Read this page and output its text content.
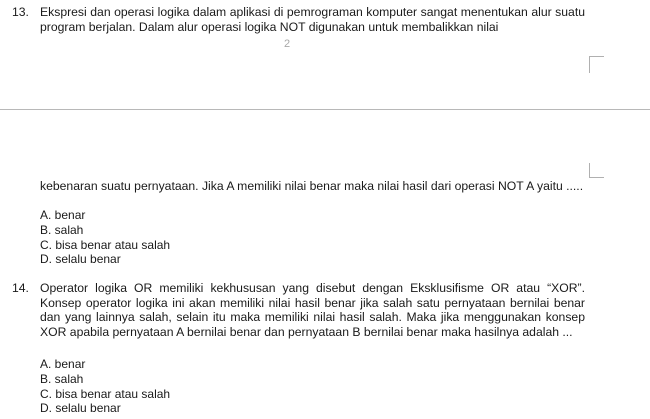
13. Ekspresi dan operasi logika dalam aplikasi di pemrograman komputer sangat menentukan alur suatu program berjalan. Dalam alur operasi logika NOT digunakan untuk membalikkan nilai
2
kebenaran suatu pernyataan. Jika A memiliki nilai benar maka nilai hasil dari operasi NOT A yaitu .....
A. benar
B. salah
C. bisa benar atau salah
D. selalu benar
14. Operator logika OR memiliki kekhususan yang disebut dengan Eksklusifisme OR atau “XOR”. Konsep operator logika ini akan memiliki nilai hasil benar jika salah satu pernyataan bernilai benar dan yang lainnya salah, selain itu maka memiliki nilai hasil salah. Maka jika menggunakan konsep XOR apabila pernyataan A bernilai benar dan pernyataan B bernilai benar maka hasilnya adalah ...
A. benar
B. salah
C. bisa benar atau salah
D. selalu benar
